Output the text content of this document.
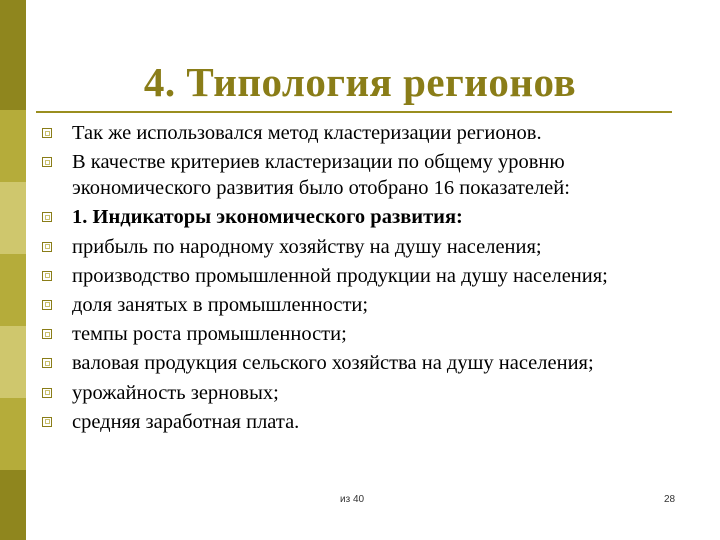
4. Типология регионов
Так же использовался метод кластеризации регионов.
В качестве критериев кластеризации по общему уровню экономического развития было отобрано 16 показателей:
1. Индикаторы экономического развития:
прибыль по народному хозяйству на душу населения;
производство промышленной продукции на душу населения;
доля занятых в промышленности;
темпы роста промышленности;
валовая продукция сельского хозяйства на душу населения;
урожайность зерновых;
средняя заработная плата.
из 40	28
